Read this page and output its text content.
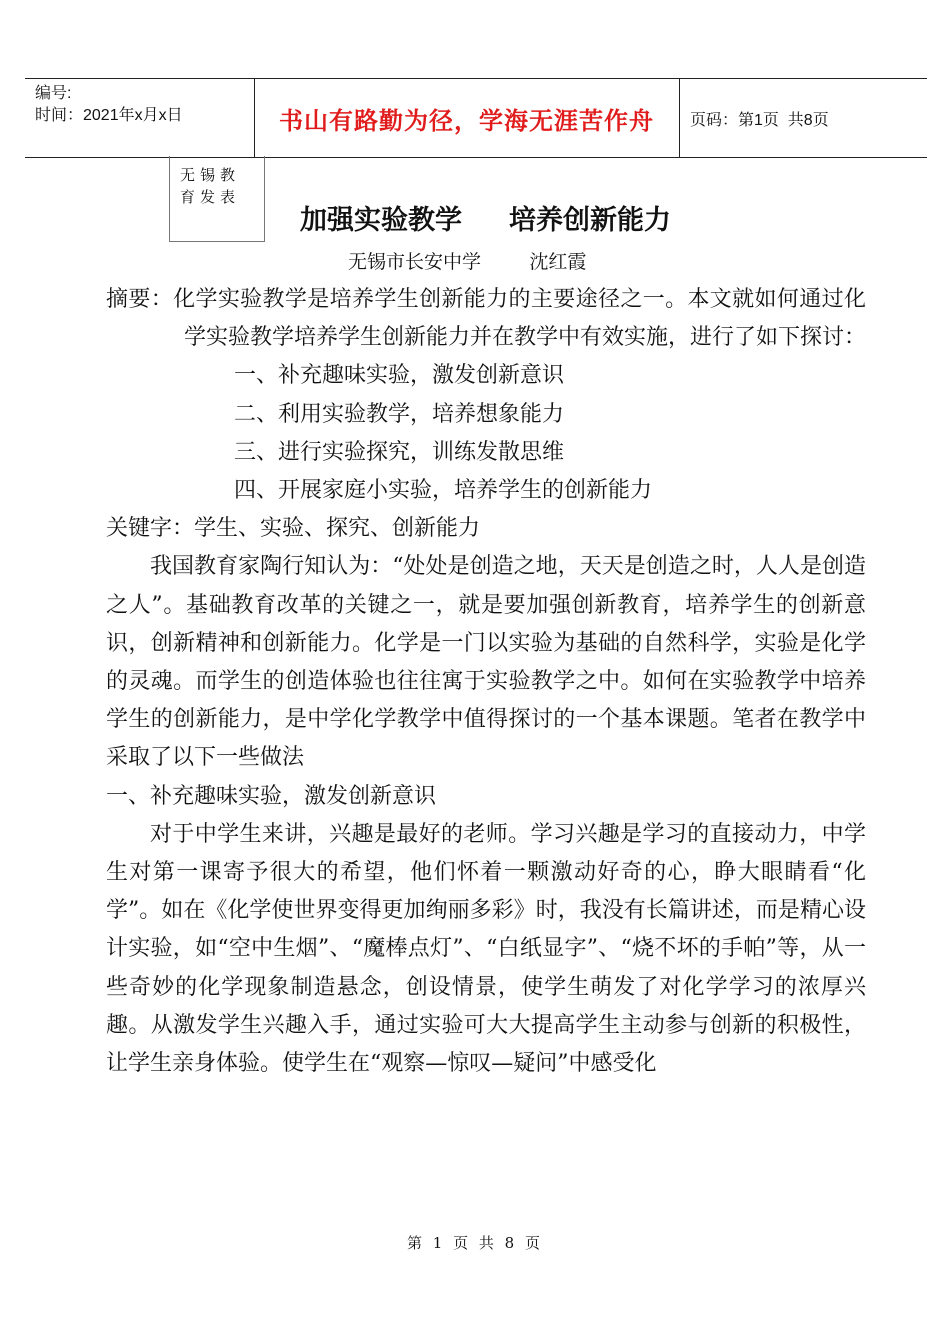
编号:
时间：2021年x月x日	书山有路勤为径，学海无涯苦作舟	页码：第1页  共8页
无锡教育发表
加强实验教学     培养创新能力
无锡市长安中学        沈红霞

摘要：化学实验教学是培养学生创新能力的主要途径之一。本文就如何通过化学实验教学培养学生创新能力并在教学中有效实施，进行了如下探讨：

一、补充趣味实验，激发创新意识

二、利用实验教学，培养想象能力

三、进行实验探究，训练发散思维

四、开展家庭小实验，培养学生的创新能力

关键字：学生、实验、探究、创新能力

我国教育家陶行知认为：“处处是创造之地，天天是创造之时，人人是创造之人”。基础教育改革的关键之一，就是要加强创新教育，培养学生的创新意识，创新精神和创新能力。化学是一门以实验为基础的自然科学，实验是化学的灵魂。而学生的创造体验也往往寓于实验教学之中。如何在实验教学中培养学生的创新能力，是中学化学教学中值得探讨的一个基本课题。笔者在教学中采取了以下一些做法

一、补充趣味实验，激发创新意识

对于中学生来讲，兴趣是最好的老师。学习兴趣是学习的直接动力，中学生对第一课寄予很大的希望，他们怀着一颗激动好奇的心，睁大眼睛看“化学”。如在《化学使世界变得更加绚丽多彩》时，我没有长篇讲述，而是精心设计实验，如“空中生烟”、“魔棒点灯”、“白纸显字”、“烧不坏的手帕”等，从一些奇妙的化学现象制造悬念，创设情景，使学生萌发了对化学学习的浓厚兴趣。从激发学生兴趣入手，通过实验可大大提高学生主动参与创新的积极性，让学生亲身体验。使学生在“观察—惊叹—疑问”中感受化

第 1 页 共 8 页
